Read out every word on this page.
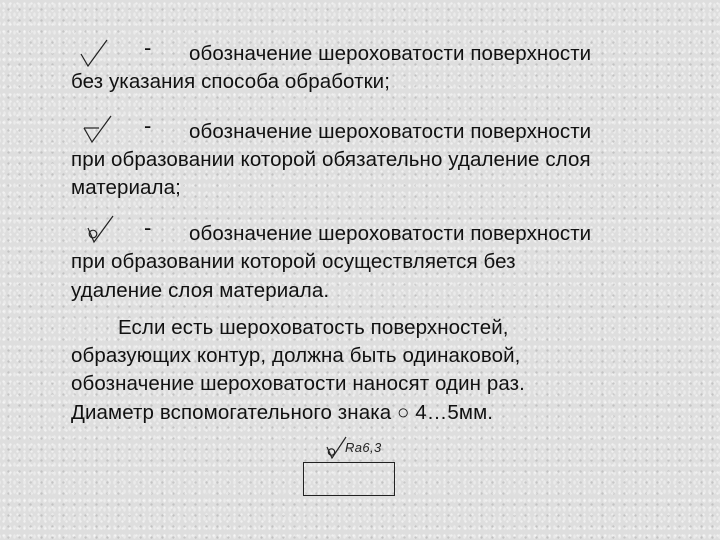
- обозначение шероховатости поверхности
без указания способа обработки;
- обозначение шероховатости поверхности
при образовании которой обязательно удаление слоя
материала;
- обозначение шероховатости поверхности
при образовании которой осуществляется без
удаление слоя материала.
Если есть шероховатость поверхностей,
образующих контур, должна быть одинаковой,
обозначение шероховатости наносят один раз.
Диаметр вспомогательного знака ○ 4…5мм.
Ra6,3
